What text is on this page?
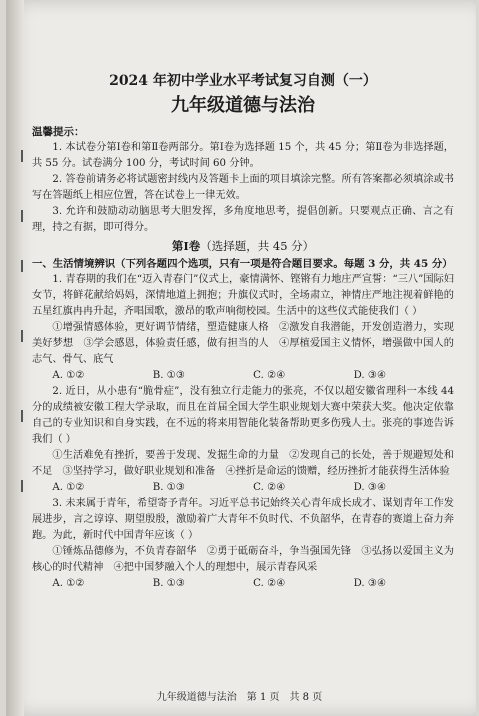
2024 年初中学业水平考试复习自测（一）
九年级道德与法治
温馨提示：

1. 本试卷分第Ⅰ卷和第Ⅱ卷两部分。第Ⅰ卷为选择题 15 个，共 45 分；第Ⅱ卷为非选择题，共 55 分。试卷满分 100 分，考试时间 60 分钟。

2. 答卷前请务必将试题密封线内及答题卡上面的项目填涂完整。所有答案都必须填涂或书写在答题纸上相应位置，答在试卷上一律无效。

3. 允许和鼓励动动脑思考大胆发挥，多角度地思考，提倡创新。只要观点正确、言之有理，持之有据，即可得分。

第Ⅰ卷（选择题，共 45 分）
一、生活情境辨识（下列各题四个选项，只有一项是符合题目要求。每题 3 分，共 45 分）

1. 青春期的我们在“迈入青春门”仪式上，豪情满怀、铿锵有力地庄严宣誓：“三八”国际妇女节，将鲜花献给妈妈，深情地道上拥抱；升旗仪式时，全场肃立，神情庄严地注视着鲜艳的五星红旗冉冉升起，齐唱国歌，激昂的歌声响彻校园。生活中的这些仪式能使我们（ ）

①增强情感体验，更好调节情绪，塑造健康人格　②激发自我潜能，开发创造潜力，实现美好梦想　③学会感恩，体验责任感，做有担当的人　④厚植爱国主义情怀，增强做中国人的志气、骨气、底气

A. ①②	B. ①③	C. ②④	D. ③④

2. 近日，从小患有“脆骨症”，没有独立行走能力的张亮，不仅以超安徽省理科一本线 44 分的成绩被安徽工程大学录取，而且在首届全国大学生职业规划大赛中荣获大奖。他决定依靠自己的专业知识和自身实践，在不远的将来用智能化装备帮助更多伤残人士。张亮的事迹告诉我们（ ）

①生活难免有挫折，要善于发现、发掘生命的力量　②发现自己的长处，善于规避短处和不足　③坚持学习，做好职业规划和准备　④挫折是命运的馈赠，经历挫折才能获得生活体验

A. ①②	B. ①③	C. ②④	D. ③④

3. 未来属于青年，希望寄予青年。习近平总书记始终关心青年成长成才、谋划青年工作发展进步，言之谆谆、期望殷殷，激励着广大青年不负时代、不负韶华，在青春的赛道上奋力奔跑。为此，新时代中国青年应该（ ）

①锤炼品德修为，不负青春韶华　②勇于砥砺奋斗，争当强国先锋　③弘扬以爱国主义为核心的时代精神　④把中国梦融入个人的理想中，展示青春风采

A. ①②	B. ①③	C. ②④	D. ③④
九年级道德与法治　第 1 页　共 8 页
